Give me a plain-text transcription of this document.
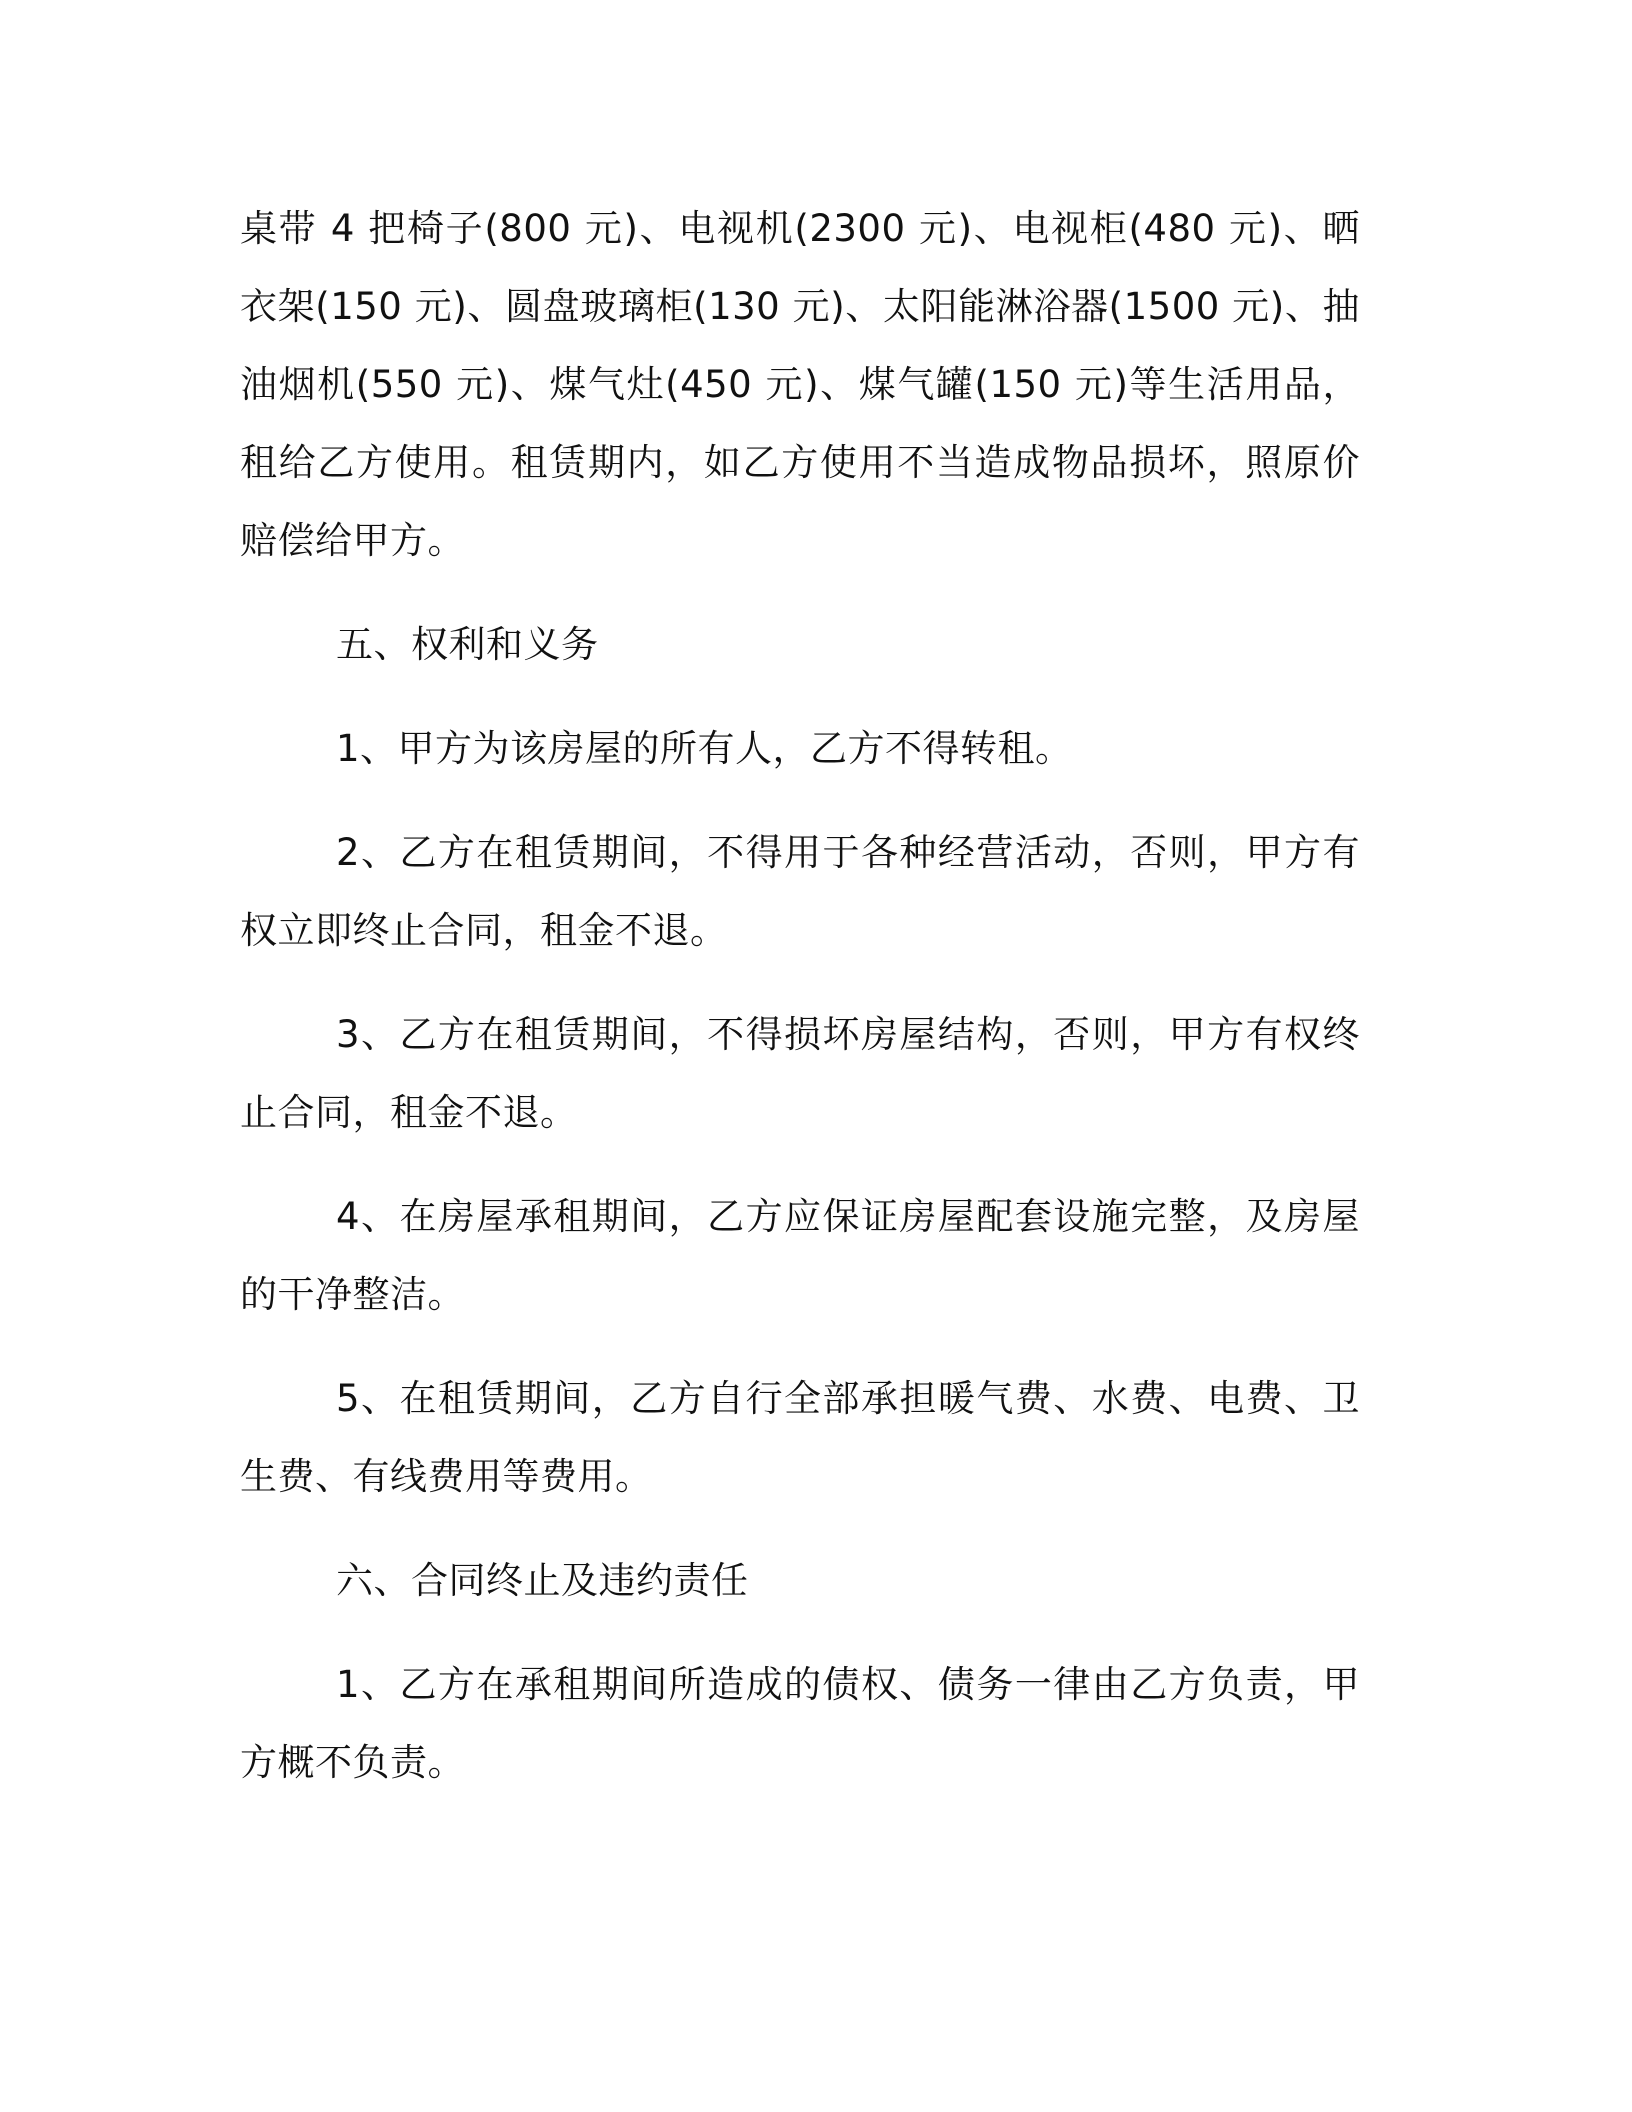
桌带 4 把椅子(800 元)、电视机(2300 元)、电视柜(480 元)、晒衣架(150 元)、圆盘玻璃柜(130 元)、太阳能淋浴器(1500 元)、抽油烟机(550 元)、煤气灶(450 元)、煤气罐(150 元)等生活用品，租给乙方使用。租赁期内，如乙方使用不当造成物品损坏，照原价赔偿给甲方。

五、权利和义务

1、甲方为该房屋的所有人，乙方不得转租。

2、乙方在租赁期间，不得用于各种经营活动，否则，甲方有权立即终止合同，租金不退。

3、乙方在租赁期间，不得损坏房屋结构，否则，甲方有权终止合同，租金不退。

4、在房屋承租期间，乙方应保证房屋配套设施完整，及房屋的干净整洁。

5、在租赁期间，乙方自行全部承担暖气费、水费、电费、卫生费、有线费用等费用。

六、合同终止及违约责任

1、乙方在承租期间所造成的债权、债务一律由乙方负责，甲方概不负责。
